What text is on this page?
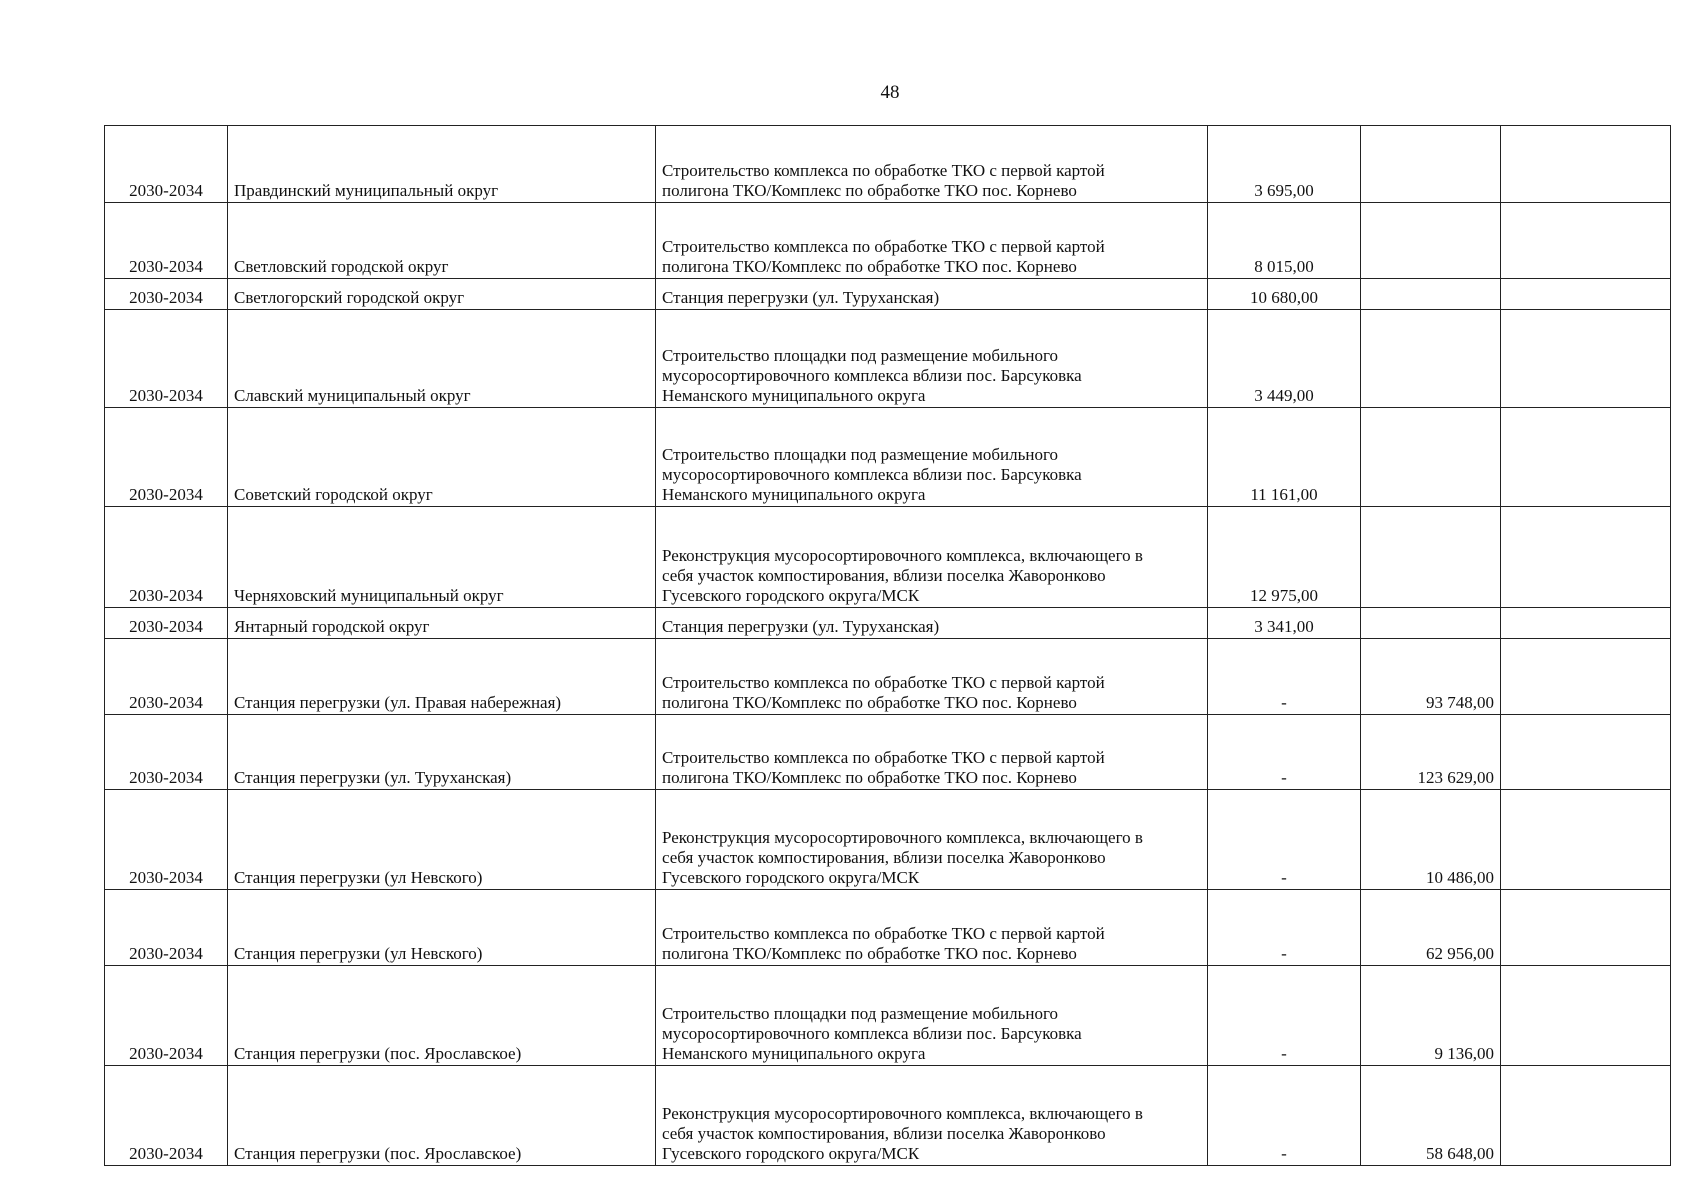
48
2030-2034	Правдинский муниципальный округ	Строительство комплекса по обработке ТКО с первой картой
полигона ТКО/Комплекс по обработке ТКО пос. Корнево	3 695,00		
2030-2034	Светловский городской округ	Строительство комплекса по обработке ТКО с первой картой
полигона ТКО/Комплекс по обработке ТКО пос. Корнево	8 015,00		
2030-2034	Светлогорский городской округ	Станция перегрузки (ул. Туруханская)	10 680,00		
2030-2034	Славский муниципальный округ	Строительство площадки под размещение мобильного
мусоросортировочного комплекса вблизи пос. Барсуковка
Неманского муниципального округа	3 449,00		
2030-2034	Советский городской округ	Строительство площадки под размещение мобильного
мусоросортировочного комплекса вблизи пос. Барсуковка
Неманского муниципального округа	11 161,00		
2030-2034	Черняховский муниципальный округ	Реконструкция мусоросортировочного комплекса, включающего в
себя участок компостирования, вблизи поселка Жаворонково
Гусевского городского округа/МСК	12 975,00		
2030-2034	Янтарный городской округ	Станция перегрузки (ул. Туруханская)	3 341,00		
2030-2034	Станция перегрузки (ул. Правая набережная)	Строительство комплекса по обработке ТКО с первой картой
полигона ТКО/Комплекс по обработке ТКО пос. Корнево	-	93 748,00	
2030-2034	Станция перегрузки (ул. Туруханская)	Строительство комплекса по обработке ТКО с первой картой
полигона ТКО/Комплекс по обработке ТКО пос. Корнево	-	123 629,00	
2030-2034	Станция перегрузки (ул Невского)	Реконструкция мусоросортировочного комплекса, включающего в
себя участок компостирования, вблизи поселка Жаворонково
Гусевского городского округа/МСК	-	10 486,00	
2030-2034	Станция перегрузки (ул Невского)	Строительство комплекса по обработке ТКО с первой картой
полигона ТКО/Комплекс по обработке ТКО пос. Корнево	-	62 956,00	
2030-2034	Станция перегрузки (пос. Ярославское)	Строительство площадки под размещение мобильного
мусоросортировочного комплекса вблизи пос. Барсуковка
Неманского муниципального округа	-	9 136,00	
2030-2034	Станция перегрузки (пос. Ярославское)	Реконструкция мусоросортировочного комплекса, включающего в
себя участок компостирования, вблизи поселка Жаворонково
Гусевского городского округа/МСК	-	58 648,00	
